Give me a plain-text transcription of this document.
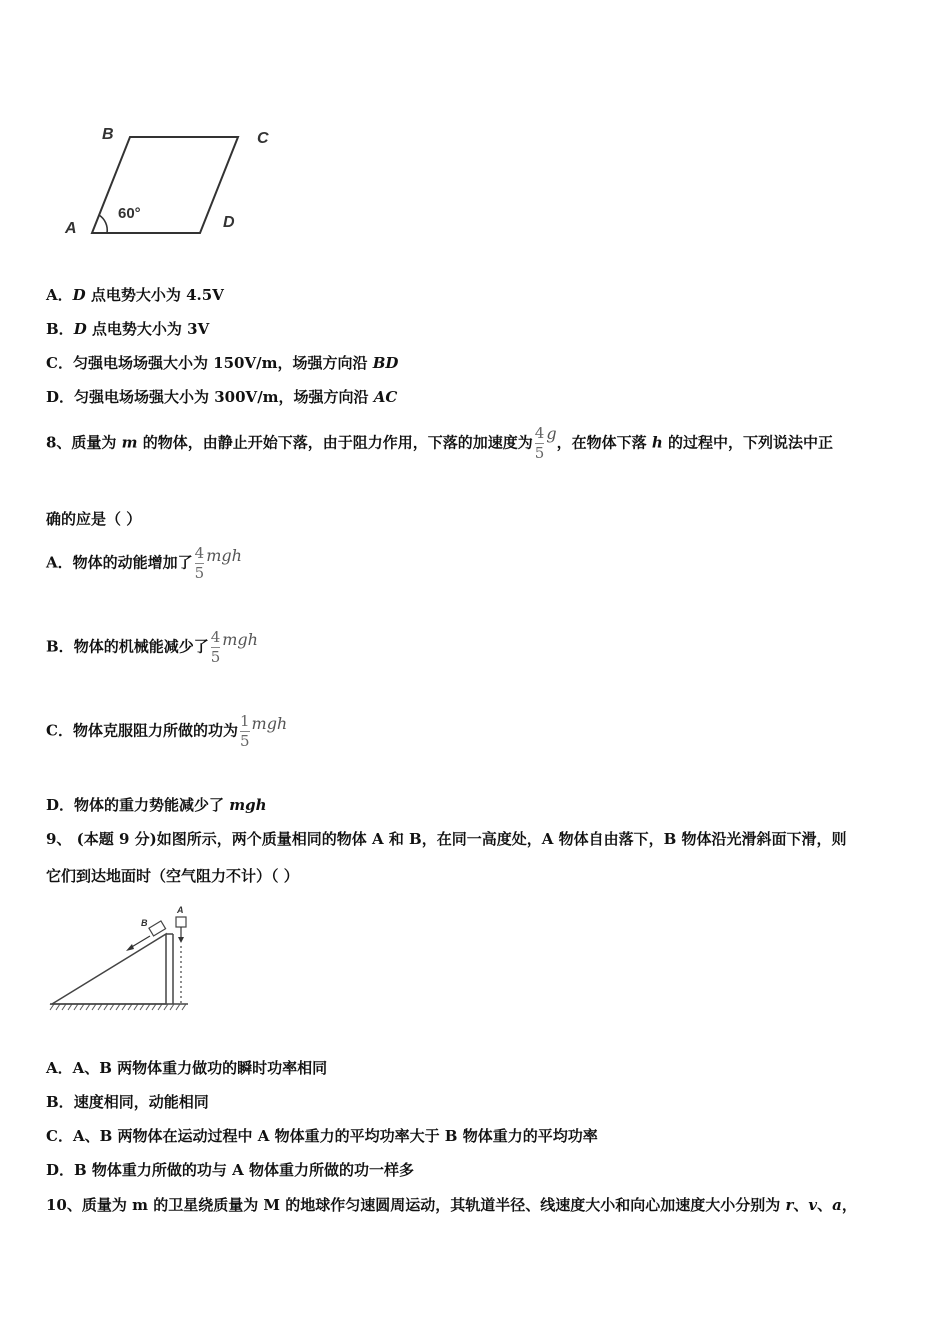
B	C
A	D
60°
A．D 点电势大小为 4.5V
B．D 点电势大小为 3V
C．匀强电场场强大小为 150V/m，场强方向沿 BD
D．匀强电场场强大小为 300V/m，场强方向沿 AC
8、质量为 m 的物体，由静止开始下落，由于阻力作用，下落的加速度为 $\frac{4}{5}$ g，在物体下落 h 的过程中，下列说法中正
确的应是（ ）
A．物体的动能增加了 $\frac{4}{5}$ mgh
B．物体的机械能减少了 $\frac{4}{5}$ mgh
C．物体克服阻力所做的功为 $\frac{1}{5}$ mgh
D．物体的重力势能减少了 mgh
9、 (本题 9 分)如图所示，两个质量相同的物体 A 和 B，在同一高度处，A 物体自由落下，B 物体沿光滑斜面下滑，则
它们到达地面时（空气阻力不计）（ ）
B
A
A．A、B 两物体重力做功的瞬时功率相同
B．速度相同，动能相同
C．A、B 两物体在运动过程中 A 物体重力的平均功率大于 B 物体重力的平均功率
D．B 物体重力所做的功与 A 物体重力所做的功一样多
10、质量为 m 的卫星绕质量为 M 的地球作匀速圆周运动，其轨道半径、线速度大小和向心加速度大小分别为 r、v、a，
